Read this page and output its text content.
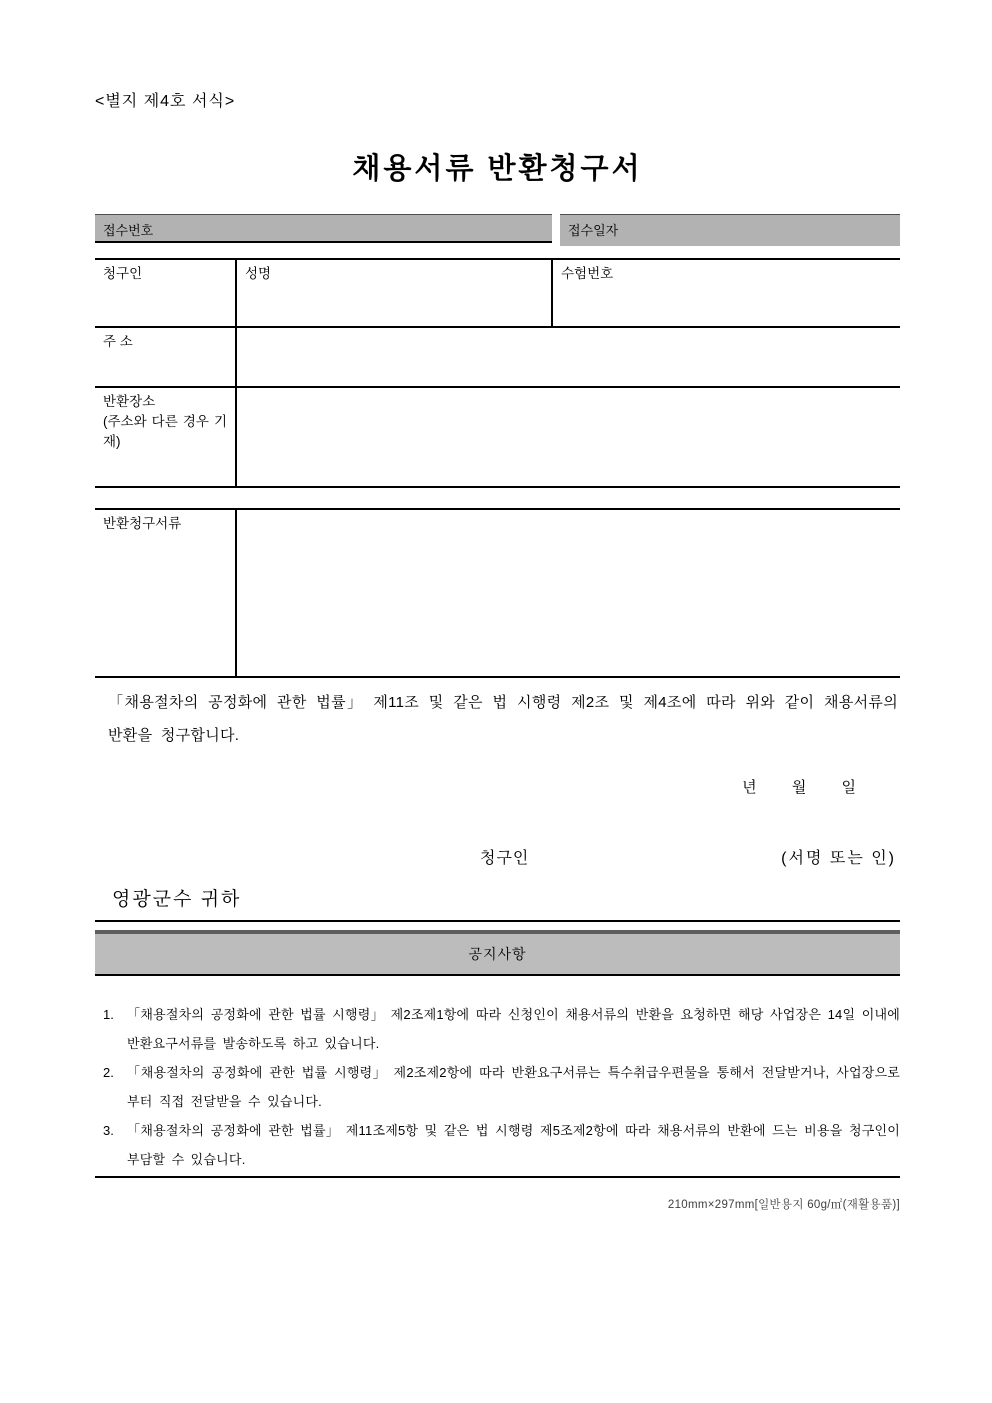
<별지 제4호 서식>
채용서류 반환청구서
접수번호	접수일자
청구인	성명	수험번호
주 소
반환장소
(주소와 다른 경우 기재)
반환청구서류
「채용절차의 공정화에 관한 법률」 제11조 및 같은 법 시행령 제2조 및 제4조에 따라 위와 같이 채용서류의 반환을 청구합니다.
년 월 일
청구인	(서명 또는 인)
영광군수 귀하
공지사항
1.	「채용절차의 공정화에 관한 법률 시행령」 제2조제1항에 따라 신청인이 채용서류의 반환을 요청하면 해당 사업장은 14일 이내에 반환요구서류를 발송하도록 하고 있습니다.
2.	「채용절차의 공정화에 관한 법률 시행령」 제2조제2항에 따라 반환요구서류는 특수취급우편물을 통해서 전달받거나, 사업장으로부터 직접 전달받을 수 있습니다.
3.	「채용절차의 공정화에 관한 법률」 제11조제5항 및 같은 법 시행령 제5조제2항에 따라 채용서류의 반환에 드는 비용을 청구인이 부담할 수 있습니다.
210mm×297mm[일반용지 60g/㎡(재활용품)]
